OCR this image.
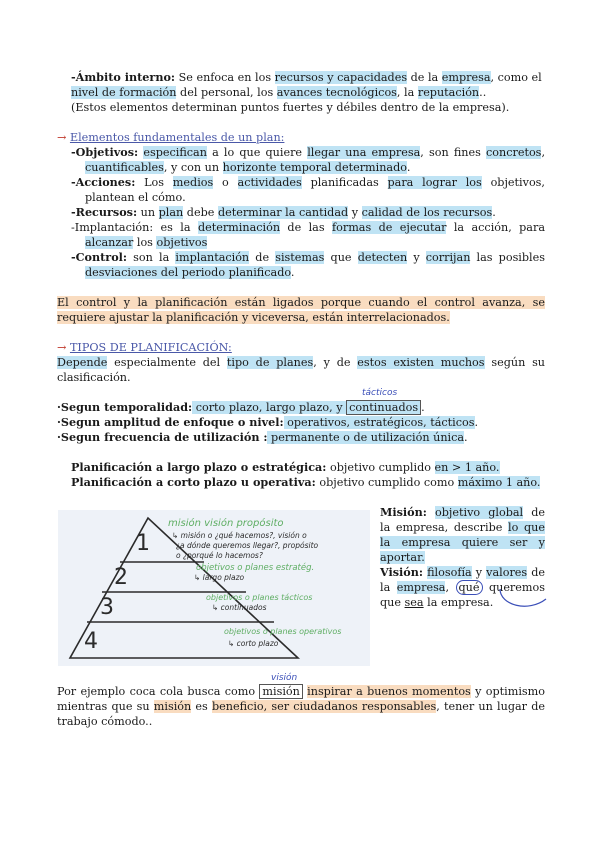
-Ámbito interno: Se enfoca en los recursos y capacidades de la empresa, como el

nivel de formación del personal, los avances tecnológicos, la reputación..

(Estos elementos determinan puntos fuertes y débiles dentro de la empresa).

→ Elementos fundamentales de un plan:

-Objetivos: especifican a lo que quiere llegar una empresa, son fines concretos, cuantificables, y con un horizonte temporal determinado.

-Acciones: Los medios o actividades planificadas para lograr los objetivos, plantean el cómo.

-Recursos: un plan debe determinar la cantidad y calidad de los recursos.

-Implantación: es la determinación de las formas de ejecutar la acción, para alcanzar los objetivos

-Control: son la implantación de sistemas que detecten y corrijan las posibles desviaciones del periodo planificado.

El control y la planificación están ligados porque cuando el control avanza, se requiere ajustar la planificación y viceversa, están interrelacionados.

→ TIPOS DE PLANIFICACIÓN:

Depende especialmente del tipo de planes, y de estos existen muchos según su clasificación.

·Segun temporalidad: corto plazo, largo plazo, y continuados .
tácticos

·Segun amplitud de enfoque o nivel: operativos, estratégicos, tácticos.

·Segun frecuencia de utilización : permanente o de utilización única.

Planificación a largo plazo o estratégica: objetivo cumplido en > 1 año.

Planificación a corto plazo u operativa: objetivo cumplido como máximo 1 año.

1
2
3
4
misión visión propósito
↳ misión o ¿qué hacemos?, visión o
¿a dónde queremos llegar?, propósito
o ¿porqué lo hacemos?
objetivos o planes estratég.
↳ largo plazo
objetivos o planes tácticos
↳ continuados
objetivos o planes operativos
↳ corto plazo

Misión: objetivo global de la empresa, describe lo que la empresa quiere ser y aportar.

Visión: filosofía y valores de la empresa, qué queremos que sea la empresa.

Por ejemplo coca cola busca como misión inspirar a buenos momentos y optimismo mientras que su misión es beneficio, ser ciudadanos responsables, tener un lugar de trabajo cómodo..
visión
